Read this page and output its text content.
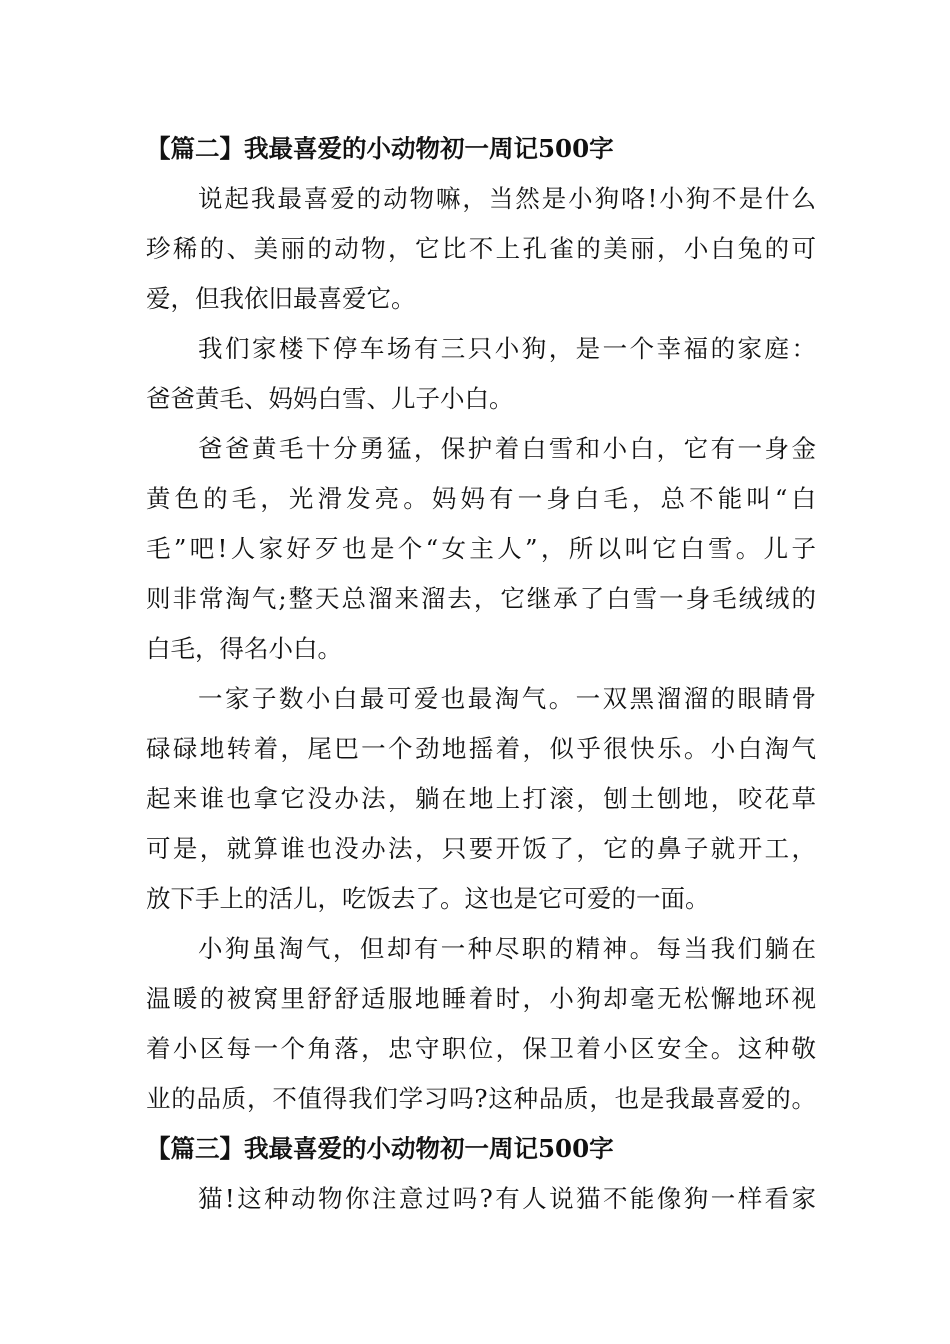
【篇二】我最喜爱的小动物初一周记500字

说起我最喜爱的动物嘛，当然是小狗咯!小狗不是什么

珍稀的、美丽的动物，它比不上孔雀的美丽，小白兔的可

爱，但我依旧最喜爱它。

我们家楼下停车场有三只小狗，是一个幸福的家庭：

爸爸黄毛、妈妈白雪、儿子小白。

爸爸黄毛十分勇猛，保护着白雪和小白，它有一身金

黄色的毛，光滑发亮。妈妈有一身白毛，总不能叫“白

毛”吧!人家好歹也是个“女主人”，所以叫它白雪。儿子

则非常淘气;整天总溜来溜去，它继承了白雪一身毛绒绒的

白毛，得名小白。

一家子数小白最可爱也最淘气。一双黑溜溜的眼睛骨

碌碌地转着，尾巴一个劲地摇着，似乎很快乐。小白淘气

起来谁也拿它没办法，躺在地上打滚，刨土刨地，咬花草

可是，就算谁也没办法，只要开饭了，它的鼻子就开工，

放下手上的活儿，吃饭去了。这也是它可爱的一面。

小狗虽淘气，但却有一种尽职的精神。每当我们躺在

温暖的被窝里舒舒适服地睡着时，小狗却毫无松懈地环视

着小区每一个角落，忠守职位，保卫着小区安全。这种敬

业的品质，不值得我们学习吗?这种品质，也是我最喜爱的。

【篇三】我最喜爱的小动物初一周记500字

猫!这种动物你注意过吗?有人说猫不能像狗一样看家
